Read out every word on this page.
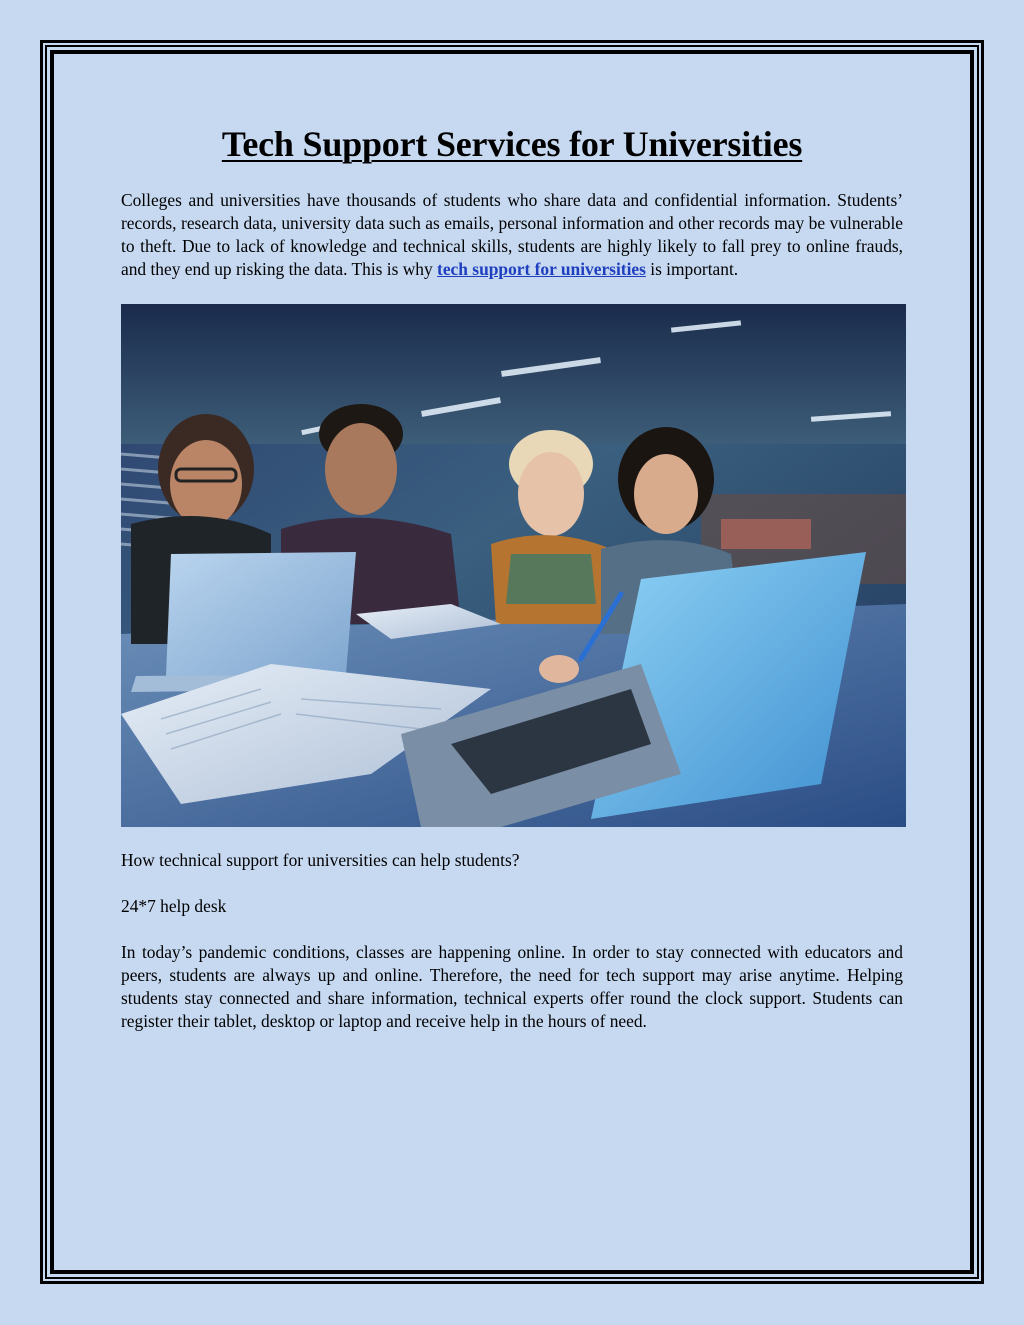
Tech Support Services for Universities

Colleges and universities have thousands of students who share data and confidential information. Students’ records, research data, university data such as emails, personal information and other records may be vulnerable to theft. Due to lack of knowledge and technical skills, students are highly likely to fall prey to online frauds, and they end up risking the data. This is why tech support for universities is important.

How technical support for universities can help students?

24*7 help desk

In today’s pandemic conditions, classes are happening online. In order to stay connected with educators and peers, students are always up and online. Therefore, the need for tech support may arise anytime. Helping students stay connected and share information, technical experts offer round the clock support. Students can register their tablet, desktop or laptop and receive help in the hours of need.
